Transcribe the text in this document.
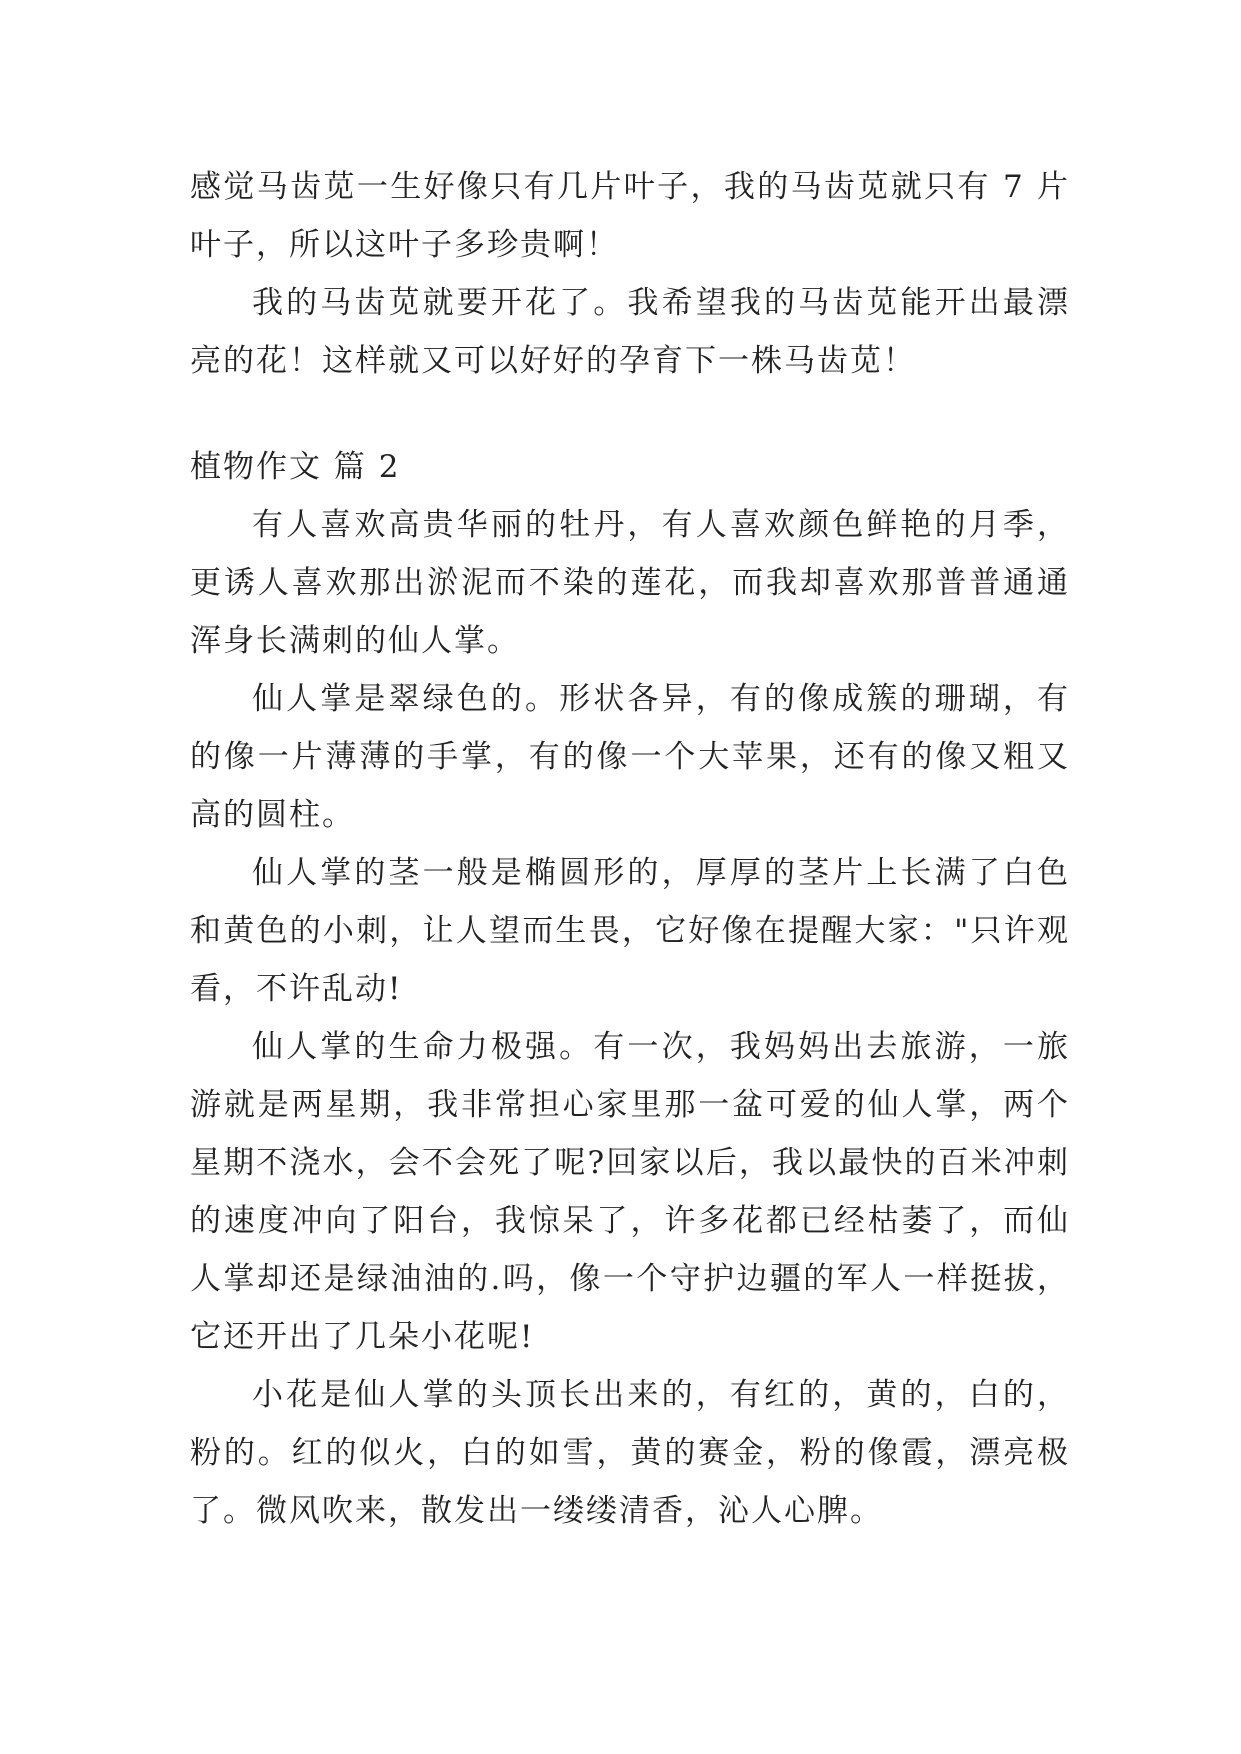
感觉马齿苋一生好像只有几片叶子，我的马齿苋就只有 7 片叶子，所以这叶子多珍贵啊！

我的马齿苋就要开花了。我希望我的马齿苋能开出最漂亮的花！这样就又可以好好的孕育下一株马齿苋！

植物作文 篇 2

有人喜欢高贵华丽的牡丹，有人喜欢颜色鲜艳的月季，更诱人喜欢那出淤泥而不染的莲花，而我却喜欢那普普通通浑身长满刺的仙人掌。

仙人掌是翠绿色的。形状各异，有的像成簇的珊瑚，有的像一片薄薄的手掌，有的像一个大苹果，还有的像又粗又高的圆柱。

仙人掌的茎一般是椭圆形的，厚厚的茎片上长满了白色和黄色的小刺，让人望而生畏，它好像在提醒大家："只许观看，不许乱动!

仙人掌的生命力极强。有一次，我妈妈出去旅游，一旅游就是两星期，我非常担心家里那一盆可爱的仙人掌，两个星期不浇水，会不会死了呢?回家以后，我以最快的百米冲刺的速度冲向了阳台，我惊呆了，许多花都已经枯萎了，而仙人掌却还是绿油油的.吗，像一个守护边疆的军人一样挺拔，它还开出了几朵小花呢!

小花是仙人掌的头顶长出来的，有红的，黄的，白的，粉的。红的似火，白的如雪，黄的赛金，粉的像霞，漂亮极了。微风吹来，散发出一缕缕清香，沁人心脾。
